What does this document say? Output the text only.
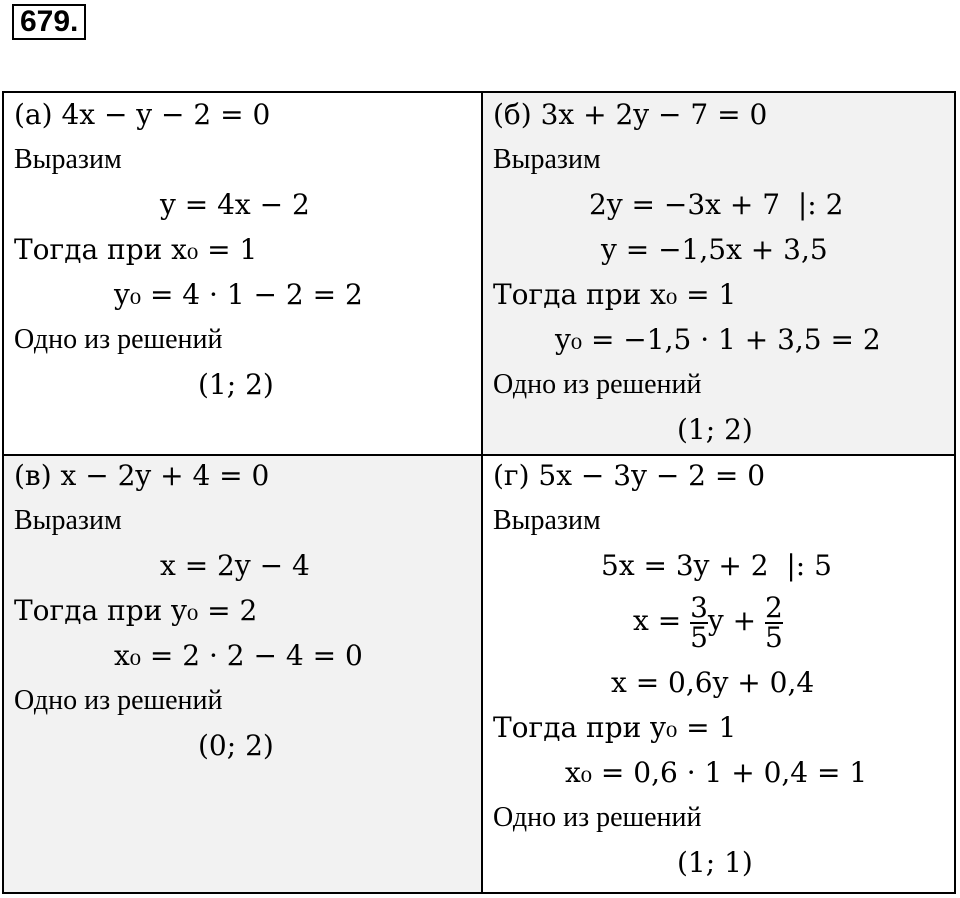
679.
(а) 4x − y − 2 = 0
Выразим
y = 4x − 2
Тогда при x₀ = 1
y₀ = 4 · 1 − 2 = 2
Одно из решений
(1; 2)
(б) 3x + 2y − 7 = 0
Выразим
2y = −3x + 7  |: 2
y = −1,5x + 3,5
Тогда при x₀ = 1
y₀ = −1,5 · 1 + 3,5 = 2
Одно из решений
(1; 2)
(в) x − 2y + 4 = 0
Выразим
x = 2y − 4
Тогда при y₀ = 2
x₀ = 2 · 2 − 4 = 0
Одно из решений
(0; 2)
(г) 5x − 3y − 2 = 0
Выразим
5x = 3y + 2  |: 5
$x = \frac{3}{5}$ $y + \frac{2}{5}$
x = 0,6y + 0,4
Тогда при y₀ = 1
x₀ = 0,6 · 1 + 0,4 = 1
Одно из решений
(1; 1)
